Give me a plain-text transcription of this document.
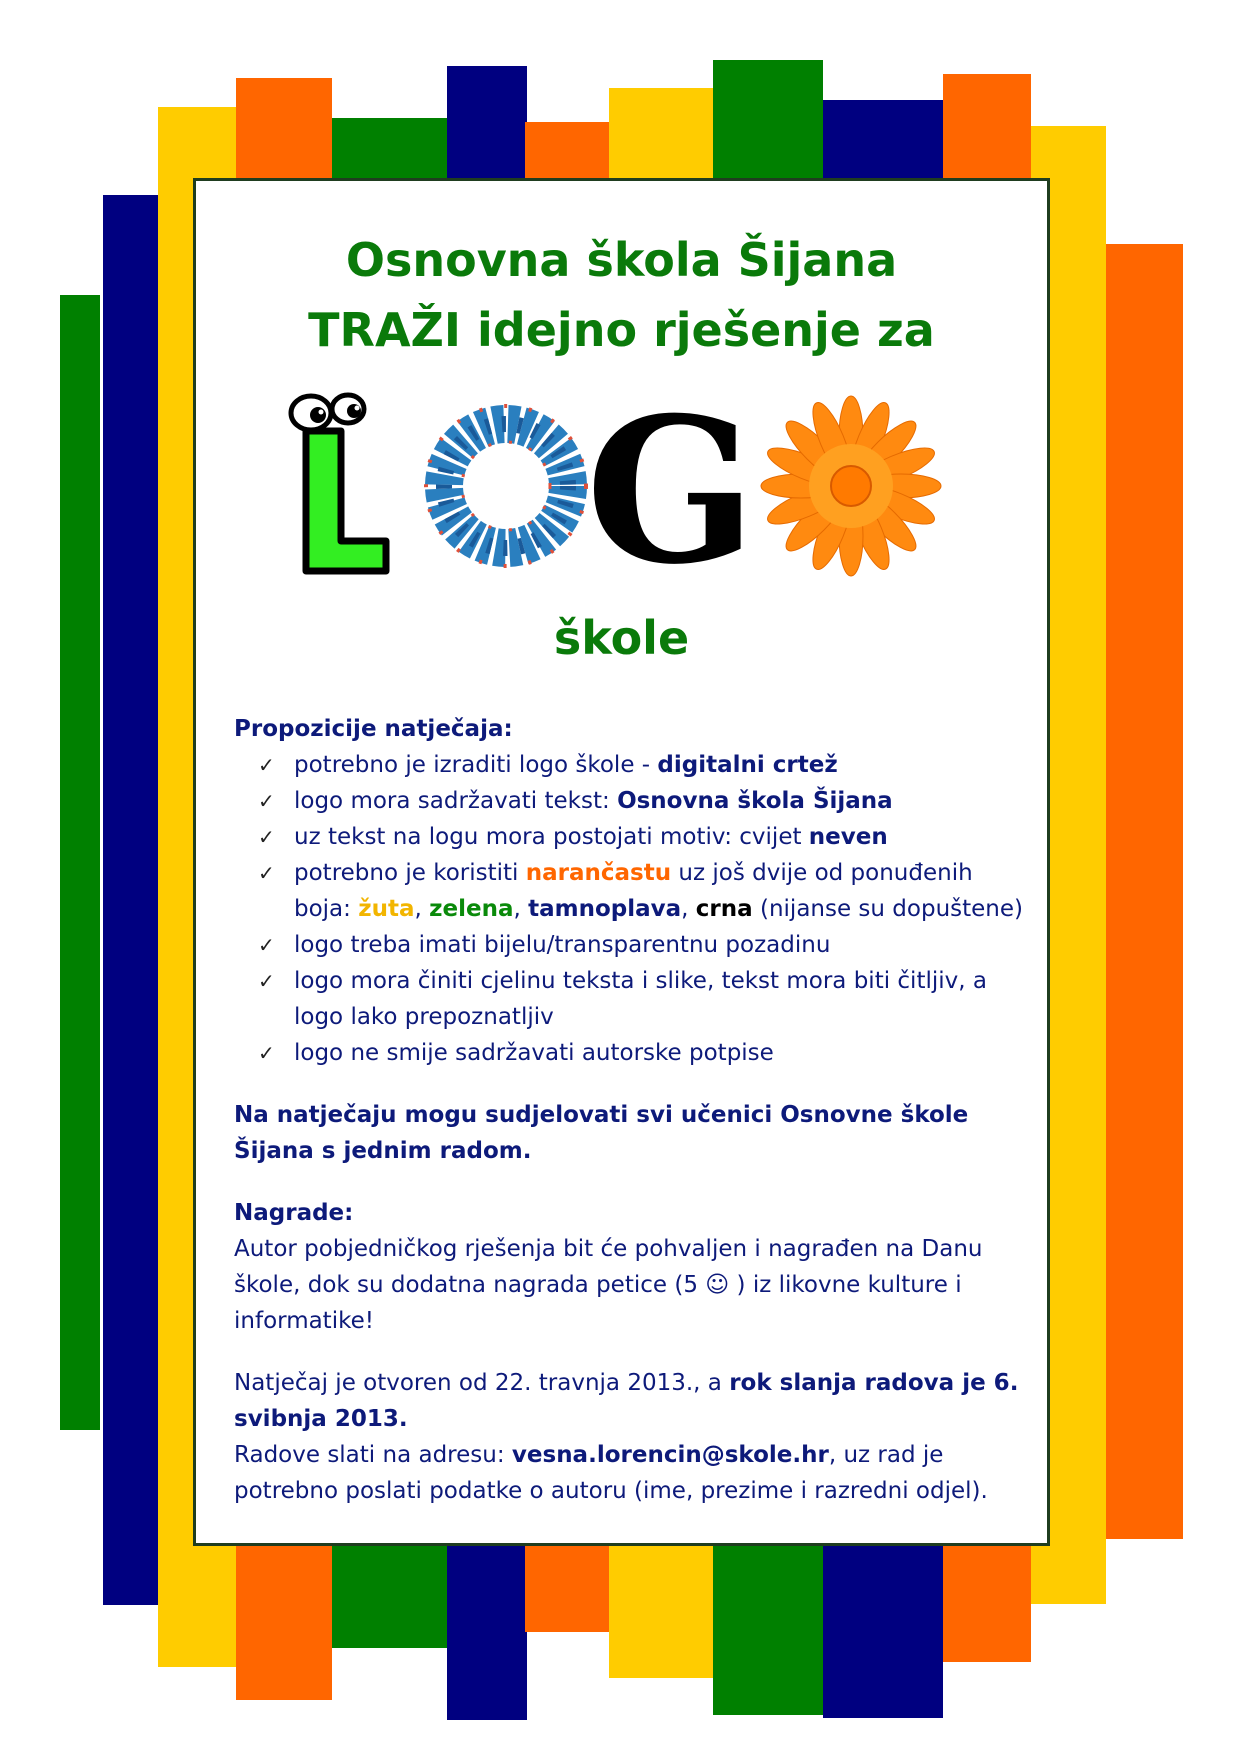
Osnovna škola Šijana
TRAŽI idejno rješenje za
G
škole

Propozicije natječaja:

✓ potrebno je izraditi logo škole - digitalni crtež
✓ logo mora sadržavati tekst: Osnovna škola Šijana
✓ uz tekst na logu mora postojati motiv: cvijet neven
✓ potrebno je koristiti narančastu uz još dvije od ponuđenih boja: žuta, zelena, tamnoplava, crna (nijanse su dopuštene)
✓ logo treba imati bijelu/transparentnu pozadinu
✓ logo mora činiti cjelinu teksta i slike, tekst mora biti čitljiv, a logo lako prepoznatljiv
✓ logo ne smije sadržavati autorske potpise

Na natječaju mogu sudjelovati svi učenici Osnovne škole Šijana s jednim radom.

Nagrade:

Autor pobjedničkog rješenja bit će pohvaljen i nagrađen na Danu škole, dok su dodatna nagrada petice (5 ☺ ) iz likovne kulture i informatike!

Natječaj je otvoren od 22. travnja 2013., a rok slanja radova je 6. svibnja 2013.

Radove slati na adresu: vesna.lorencin@skole.hr, uz rad je potrebno poslati podatke o autoru (ime, prezime i razredni odjel).
